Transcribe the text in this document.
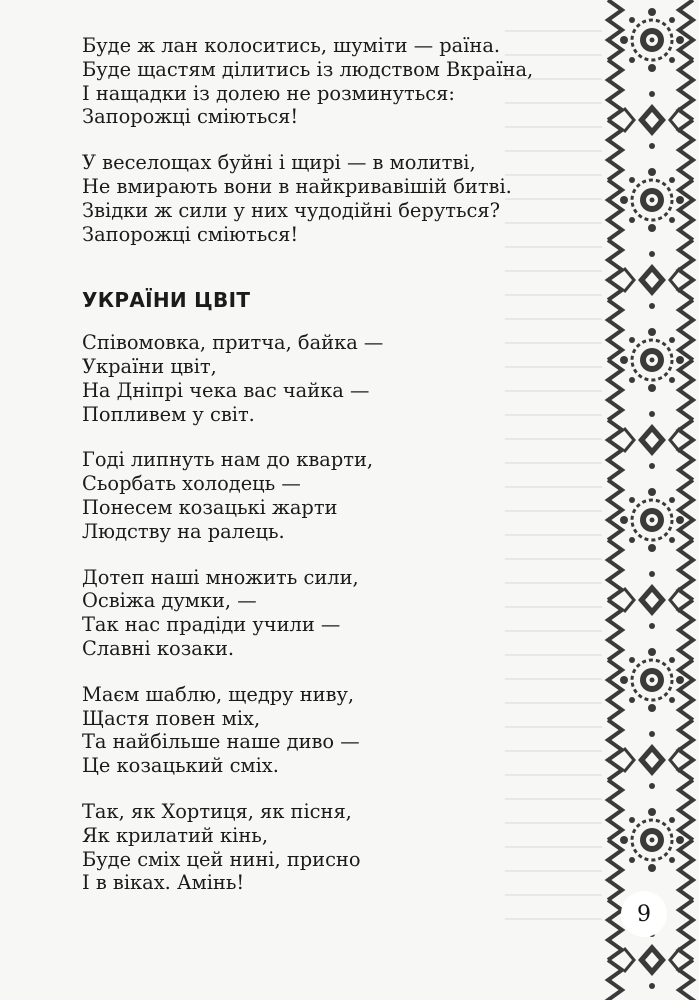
Буде ж лан колоситись, шуміти — раїна.
Буде щастям ділитись із людством Вкраїна,
І нащадки із долею не розминуться:
Запорожці сміються!
У веселощах буйні і щирі — в молитві,
Не вмирають вони в найкривавішій битві.
Звідки ж сили у них чудодійні беруться?
Запорожці сміються!
УКРАЇНИ ЦВІТ
Співомовка, притча, байка —
України цвіт,
На Дніпрі чека вас чайка —
Попливем у світ.
Годі липнуть нам до кварти,
Сьорбать холодець —
Понесем козацькі жарти
Людству на ралець.
Дотеп наші множить сили,
Освіжа думки, —
Так нас прадіди учили —
Славні козаки.
Маєм шаблю, щедру ниву,
Щастя повен міх,
Та найбільше наше диво —
Це козацький сміх.
Так, як Хортиця, як пісня,
Як крилатий кінь,
Буде сміх цей нині, присно
І в віках. Амінь!
9
